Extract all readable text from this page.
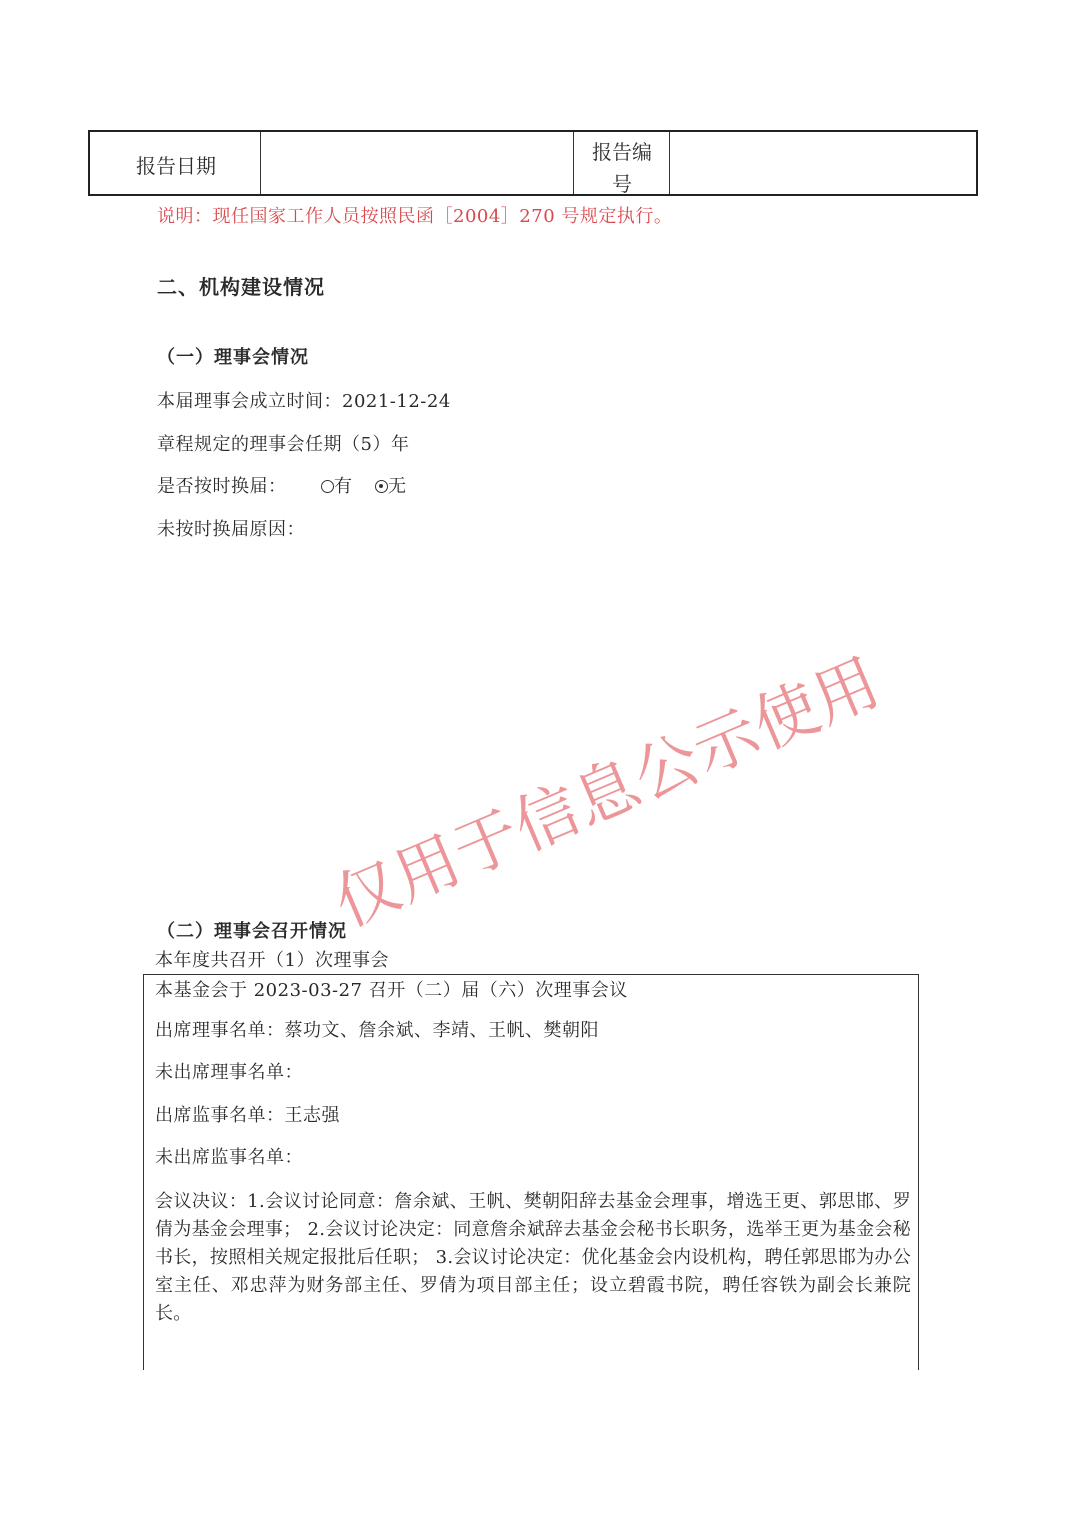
报告日期
报告编
号
说明：现任国家工作人员按照民函［2004］270 号规定执行。
二、机构建设情况
（一）理事会情况
本届理事会成立时间：2021-12-24
章程规定的理事会任期（5）年
是否按时换届：	有 无
未按时换届原因：
（二）理事会召开情况
本年度共召开（1）次理事会
本基金会于 2023-03-27 召开（二）届（六）次理事会议
出席理事名单：蔡功文、詹余斌、李靖、王帆、樊朝阳
未出席理事名单：
出席监事名单：王志强
未出席监事名单：
会议决议：1.会议讨论同意：詹余斌、王帆、樊朝阳辞去基金会理事，增选王更、郭思邯、罗倩为基金会理事； 2.会议讨论决定：同意詹余斌辞去基金会秘书长职务，选举王更为基金会秘书长，按照相关规定报批后任职； 3.会议讨论决定：优化基金会内设机构，聘任郭思邯为办公室主任、邓忠萍为财务部主任、罗倩为项目部主任；设立碧霞书院，聘任容铁为副会长兼院长。
仅用于信息公示使用
